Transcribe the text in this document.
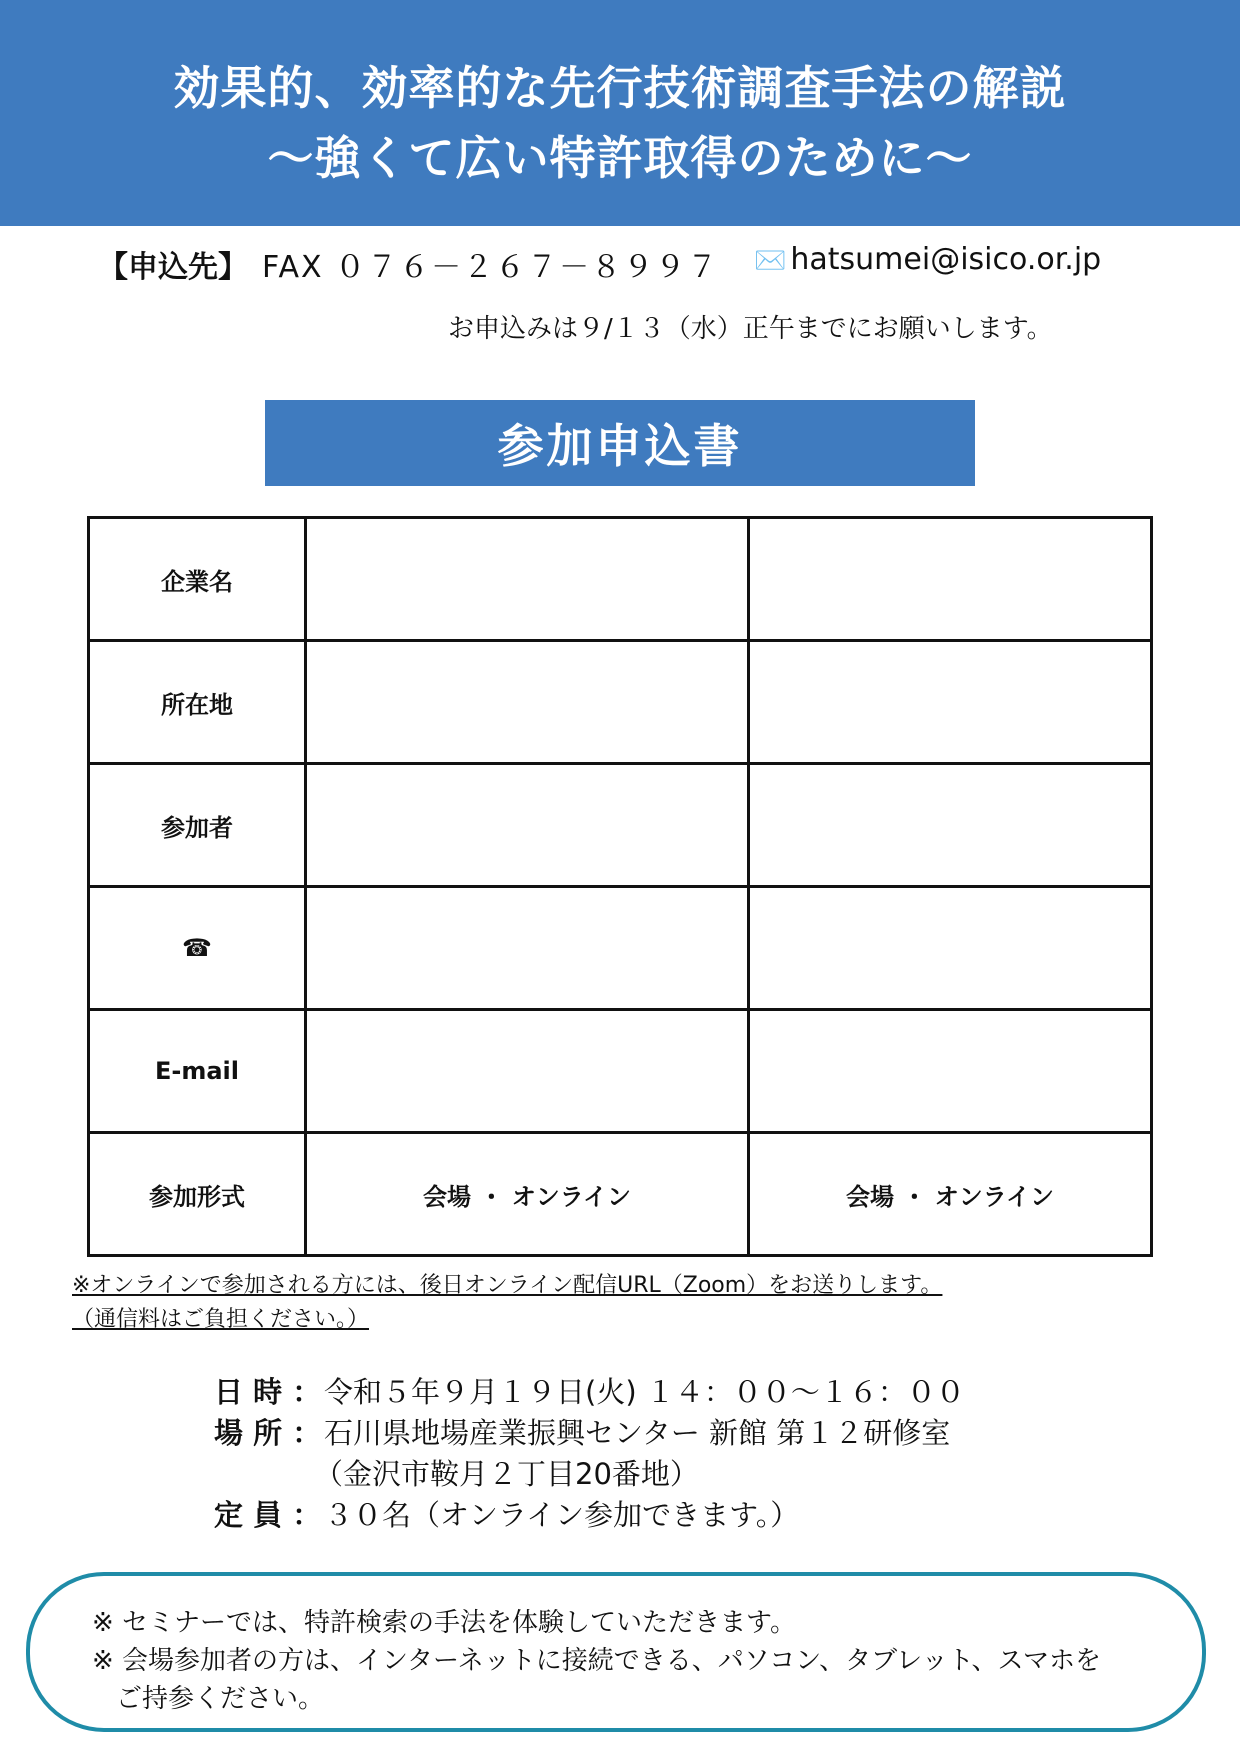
効果的、効率的な先行技術調査手法の解説
～強くて広い特許取得のために～
【申込先】 FAX ０７６－２６７－８９９７ ✉️ hatsumei@isico.or.jp
お申込みは９/１３（水）正午までにお願いします。
参加申込書
企業名		
所在地		
参加者		
☎		
E-mail		
参加形式	会場 ・ オンライン	会場 ・ オンライン
※オンラインで参加される方には、後日オンライン配信URL（Zoom）をお送りします。
（通信料はご負担ください。）
日 時 ： 令和５年９月１９日(火) １４：００～１６：００
場 所 ： 石川県地場産業振興センター 新館 第１２研修室
（金沢市鞍月２丁目20番地）
定 員 ： ３０名（オンライン参加できます。）
※ セミナーでは、特許検索の手法を体験していただきます。
※ 会場参加者の方は、インターネットに接続できる、パソコン、タブレット、スマホを
ご持参ください。
